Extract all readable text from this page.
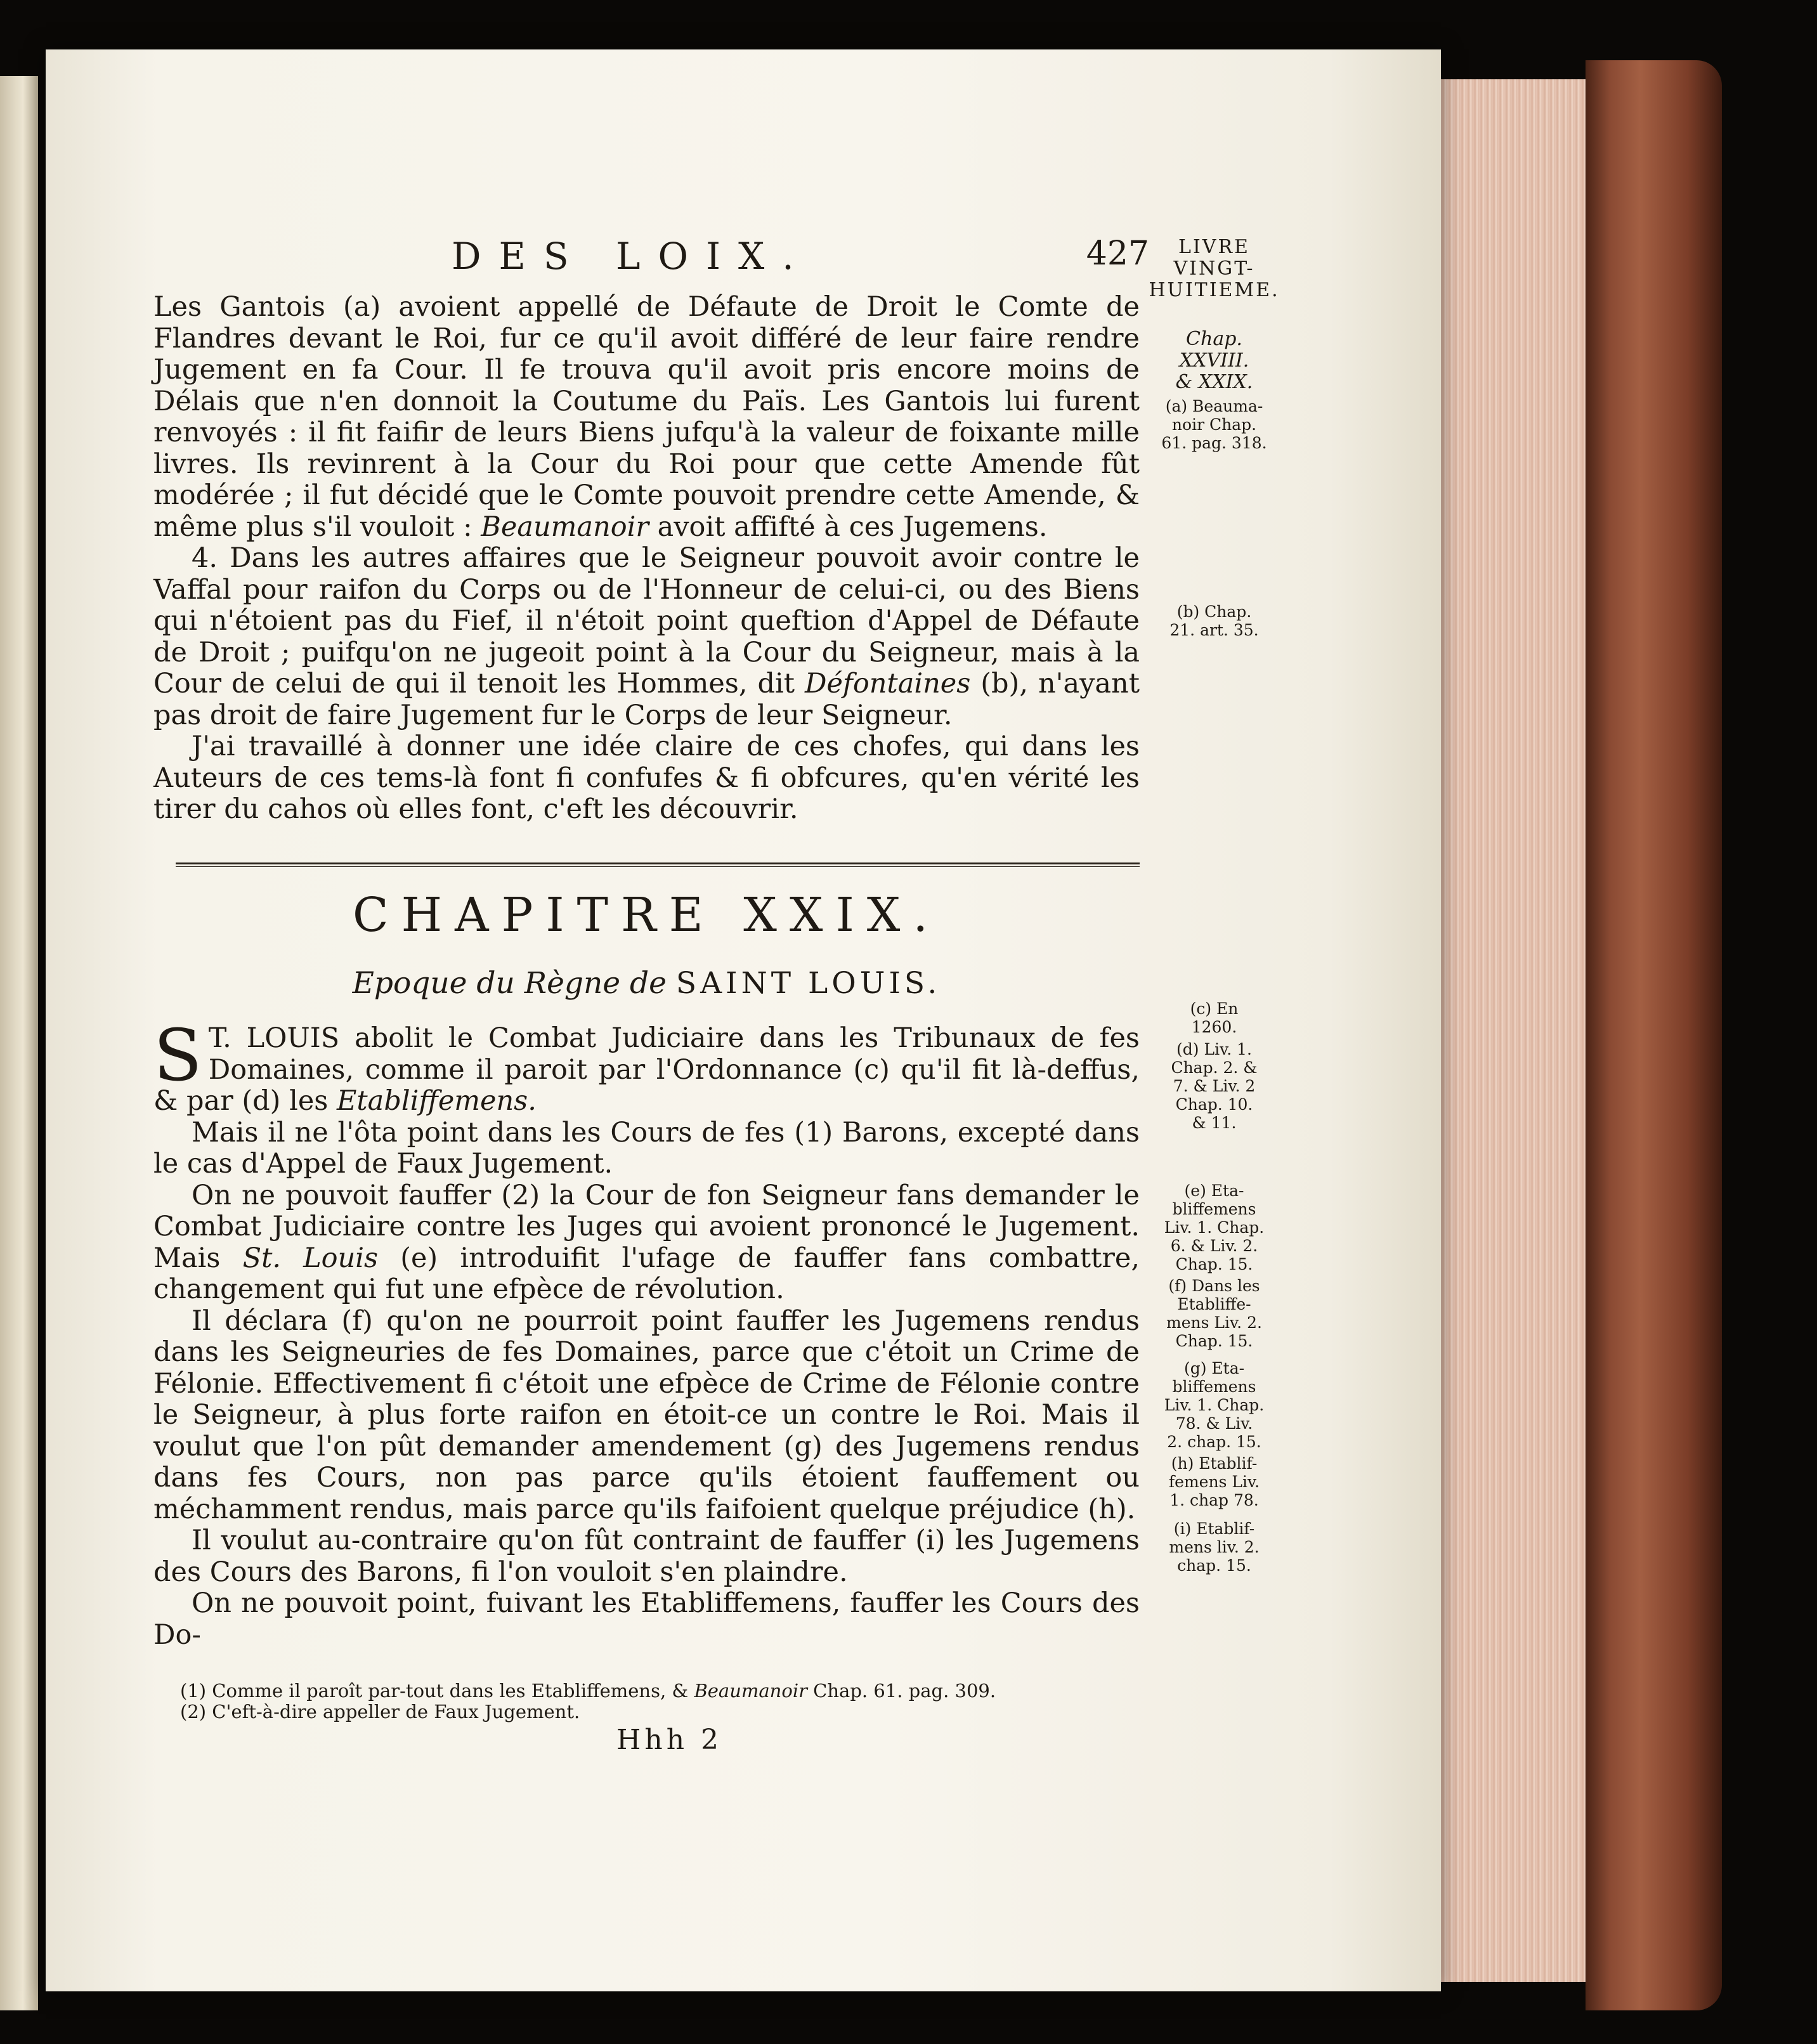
DES LOIX.	427

Les Gantois (a) avoient appellé de Défaute de Droit le Comte de Flandres devant le Roi, fur ce qu'il avoit différé de leur faire rendre Jugement en fa Cour. Il fe trouva qu'il avoit pris encore moins de Délais que n'en donnoit la Coutume du Païs. Les Gantois lui furent renvoyés : il fit faifir de leurs Biens jufqu'à la valeur de foixante mille livres. Ils revinrent à la Cour du Roi pour que cette Amende fût modérée ; il fut décidé que le Comte pouvoit prendre cette Amende, & même plus s'il vouloit : Beaumanoir avoit affifté à ces Jugemens.

4. Dans les autres affaires que le Seigneur pouvoit avoir contre le Vaffal pour raifon du Corps ou de l'Honneur de celui-ci, ou des Biens qui n'étoient pas du Fief, il n'étoit point queftion d'Appel de Défaute de Droit ; puifqu'on ne jugeoit point à la Cour du Seigneur, mais à la Cour de celui de qui il tenoit les Hommes, dit Défontaines (b), n'ayant pas droit de faire Jugement fur le Corps de leur Seigneur.

J'ai travaillé à donner une idée claire de ces chofes, qui dans les Auteurs de ces tems-là font fi confufes & fi obfcures, qu'en vérité les tirer du cahos où elles font, c'eft les découvrir.

CHAPITRE XXIX.
Epoque du Règne de SAINT LOUIS.

S T. LOUIS abolit le Combat Judiciaire dans les Tribunaux de fes Domaines, comme il paroit par l'Ordonnance (c) qu'il fit là-deffus, & par (d) les Etabliffemens.

Mais il ne l'ôta point dans les Cours de fes (1) Barons, excepté dans le cas d'Appel de Faux Jugement.

On ne pouvoit fauffer (2) la Cour de fon Seigneur fans demander le Combat Judiciaire contre les Juges qui avoient prononcé le Jugement. Mais St. Louis (e) introduifit l'ufage de fauffer fans combattre, changement qui fut une efpèce de révolution.

Il déclara (f) qu'on ne pourroit point fauffer les Jugemens rendus dans les Seigneuries de fes Domaines, parce que c'étoit un Crime de Félonie. Effectivement fi c'étoit une efpèce de Crime de Félonie contre le Seigneur, à plus forte raifon en étoit-ce un contre le Roi. Mais il voulut que l'on pût demander amendement (g) des Jugemens rendus dans fes Cours, non pas parce qu'ils étoient fauffement ou méchamment rendus, mais parce qu'ils faifoient quelque préjudice (h).

Il voulut au-contraire qu'on fût contraint de fauffer (i) les Jugemens des Cours des Barons, fi l'on vouloit s'en plaindre.

On ne pouvoit point, fuivant les Etabliffemens, fauffer les Cours des Do-

(1) Comme il paroît par-tout dans les Etabliffemens, & Beaumanoir Chap. 61. pag. 309.
(2) C'eft-à-dire appeller de Faux Jugement.
Hhh 2

LIVRE

VINGT-

HUITIEME.

Chap.

XXVIII.

& XXIX.

(a) Beauma-

noir Chap.

61. pag. 318.

(b) Chap.

21. art. 35.

(c) En

1260.

(d) Liv. 1.

Chap. 2. &

7. & Liv. 2

Chap. 10.

& 11.

(e) Eta-

bliffemens

Liv. 1. Chap.

6. & Liv. 2.

Chap. 15.

(f) Dans les

Etabliffe-

mens Liv. 2.

Chap. 15.

(g) Eta-

bliffemens

Liv. 1. Chap.

78. & Liv.

2. chap. 15.

(h) Etablif-

femens Liv.

1. chap 78.

(i) Etablif-

mens liv. 2.

chap. 15.
